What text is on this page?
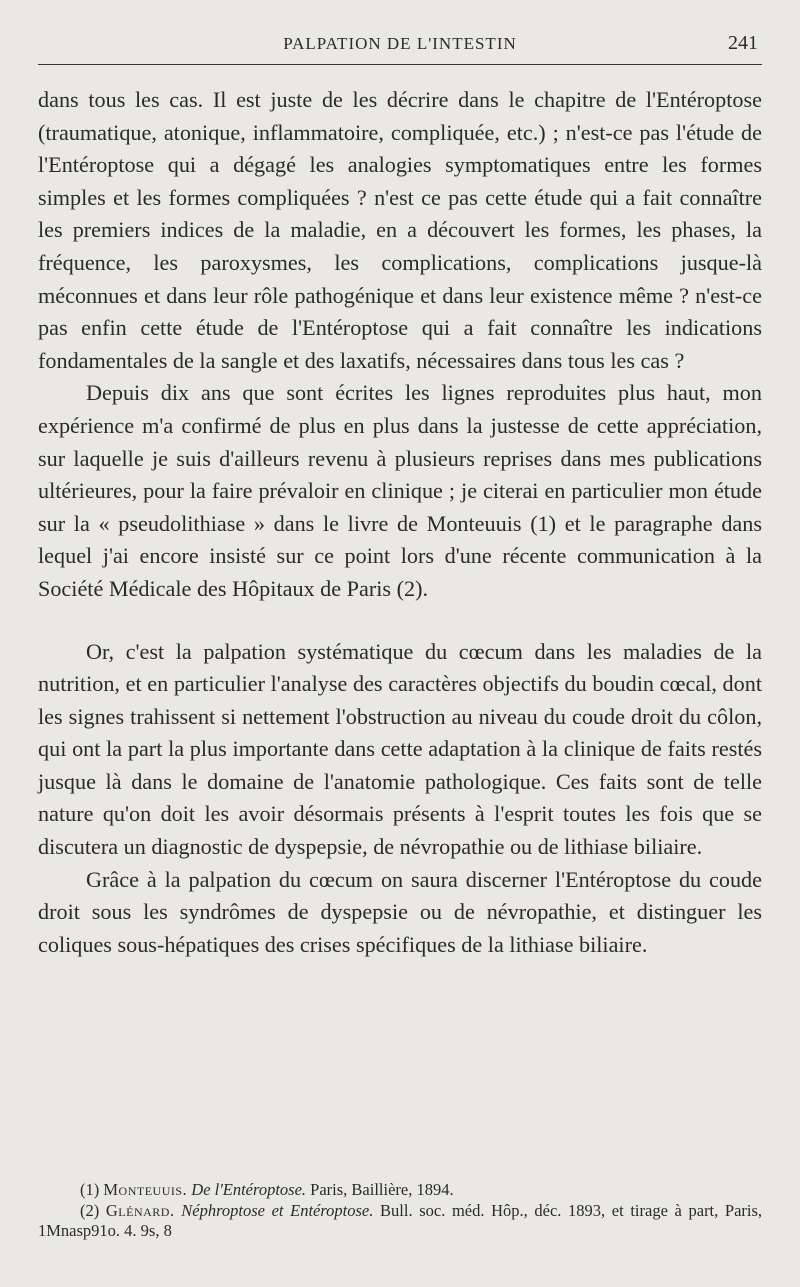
PALPATION DE L'INTESTIN	241

dans tous les cas. Il est juste de les décrire dans le chapitre de l'Entéroptose (traumatique, atonique, inflammatoire, compliquée, etc.) ; n'est-ce pas l'étude de l'Entéroptose qui a dégagé les analogies symptomatiques entre les formes simples et les formes compliquées ? n'est ce pas cette étude qui a fait connaître les premiers indices de la maladie, en a découvert les formes, les phases, la fréquence, les paroxysmes, les complications, complications jusque-là méconnues et dans leur rôle pathogénique et dans leur existence même ? n'est-ce pas enfin cette étude de l'Entéroptose qui a fait connaître les indications fondamentales de la sangle et des laxatifs, nécessaires dans tous les cas ?

Depuis dix ans que sont écrites les lignes reproduites plus haut, mon expérience m'a confirmé de plus en plus dans la justesse de cette appréciation, sur laquelle je suis d'ailleurs revenu à plusieurs reprises dans mes publications ultérieures, pour la faire prévaloir en clinique ; je citerai en particulier mon étude sur la « pseudolithiase » dans le livre de Monteuuis (1) et le paragraphe dans lequel j'ai encore insisté sur ce point lors d'une récente communication à la Société Médicale des Hôpitaux de Paris (2).

Or, c'est la palpation systématique du cœcum dans les maladies de la nutrition, et en particulier l'analyse des caractères objectifs du boudin cœcal, dont les signes trahissent si nettement l'obstruction au niveau du coude droit du côlon, qui ont la part la plus importante dans cette adaptation à la clinique de faits restés jusque là dans le domaine de l'anatomie pathologique. Ces faits sont de telle nature qu'on doit les avoir désormais présents à l'esprit toutes les fois que se discutera un diagnostic de dyspepsie, de névropathie ou de lithiase biliaire.

Grâce à la palpation du cœcum on saura discerner l'Entéroptose du coude droit sous les syndrômes de dyspepsie ou de névropathie, et distinguer les coliques sous-hépatiques des crises spécifiques de la lithiase biliaire.

(1) Monteuuis. De l'Entéroptose. Paris, Baillière, 1894.

(2) Glénard. Néphroptose et Entéroptose. Bull. soc. méd. Hôp., déc. 1893, et tirage à part, Paris, 1Mnasp91o. 4. 9s, 8
